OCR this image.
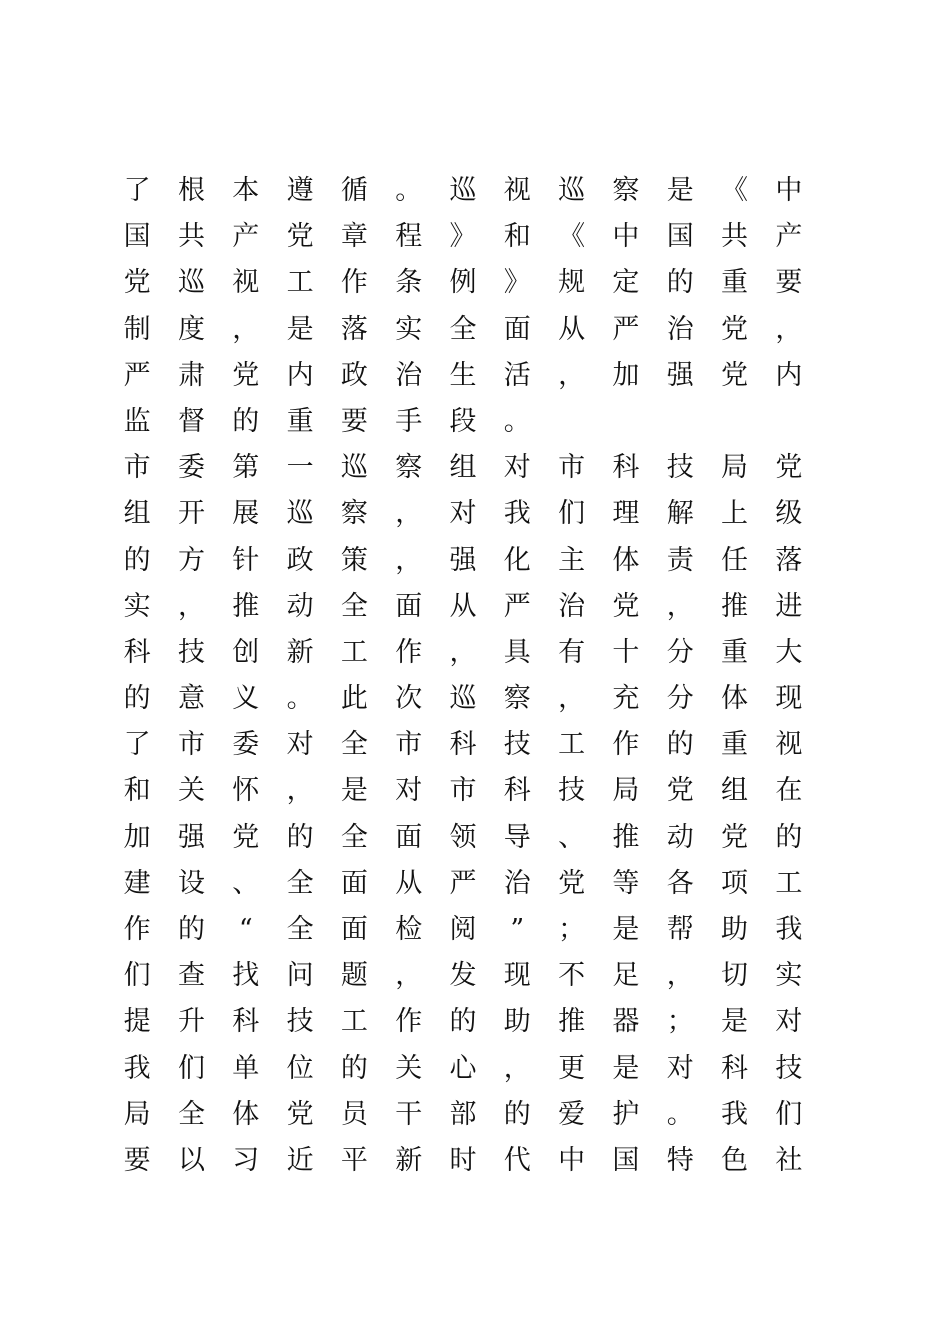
了	根	本	遵	循	。	巡	视	巡	察	是	《	中
国	共	产	党	章	程	》	和	《	中	国	共	产
党	巡	视	工	作	条	例	》	规	定	的	重	要
制	度	，	是	落	实	全	面	从	严	治	党	，
严	肃	党	内	政	治	生	活	，	加	强	党	内
监	督	的	重	要	手	段	。
市	委	第	一	巡	察	组	对	市	科	技	局	党
组	开	展	巡	察	，	对	我	们	理	解	上	级
的	方	针	政	策	，	强	化	主	体	责	任	落
实	，	推	动	全	面	从	严	治	党	，	推	进
科	技	创	新	工	作	，	具	有	十	分	重	大
的	意	义	。	此	次	巡	察	，	充	分	体	现
了	市	委	对	全	市	科	技	工	作	的	重	视
和	关	怀	，	是	对	市	科	技	局	党	组	在
加	强	党	的	全	面	领	导	、	推	动	党	的
建	设	、	全	面	从	严	治	党	等	各	项	工
作	的	“	全	面	检	阅	”	；	是	帮	助	我
们	查	找	问	题	，	发	现	不	足	，	切	实
提	升	科	技	工	作	的	助	推	器	；	是	对
我	们	单	位	的	关	心	，	更	是	对	科	技
局	全	体	党	员	干	部	的	爱	护	。	我	们
要	以	习	近	平	新	时	代	中	国	特	色	社
